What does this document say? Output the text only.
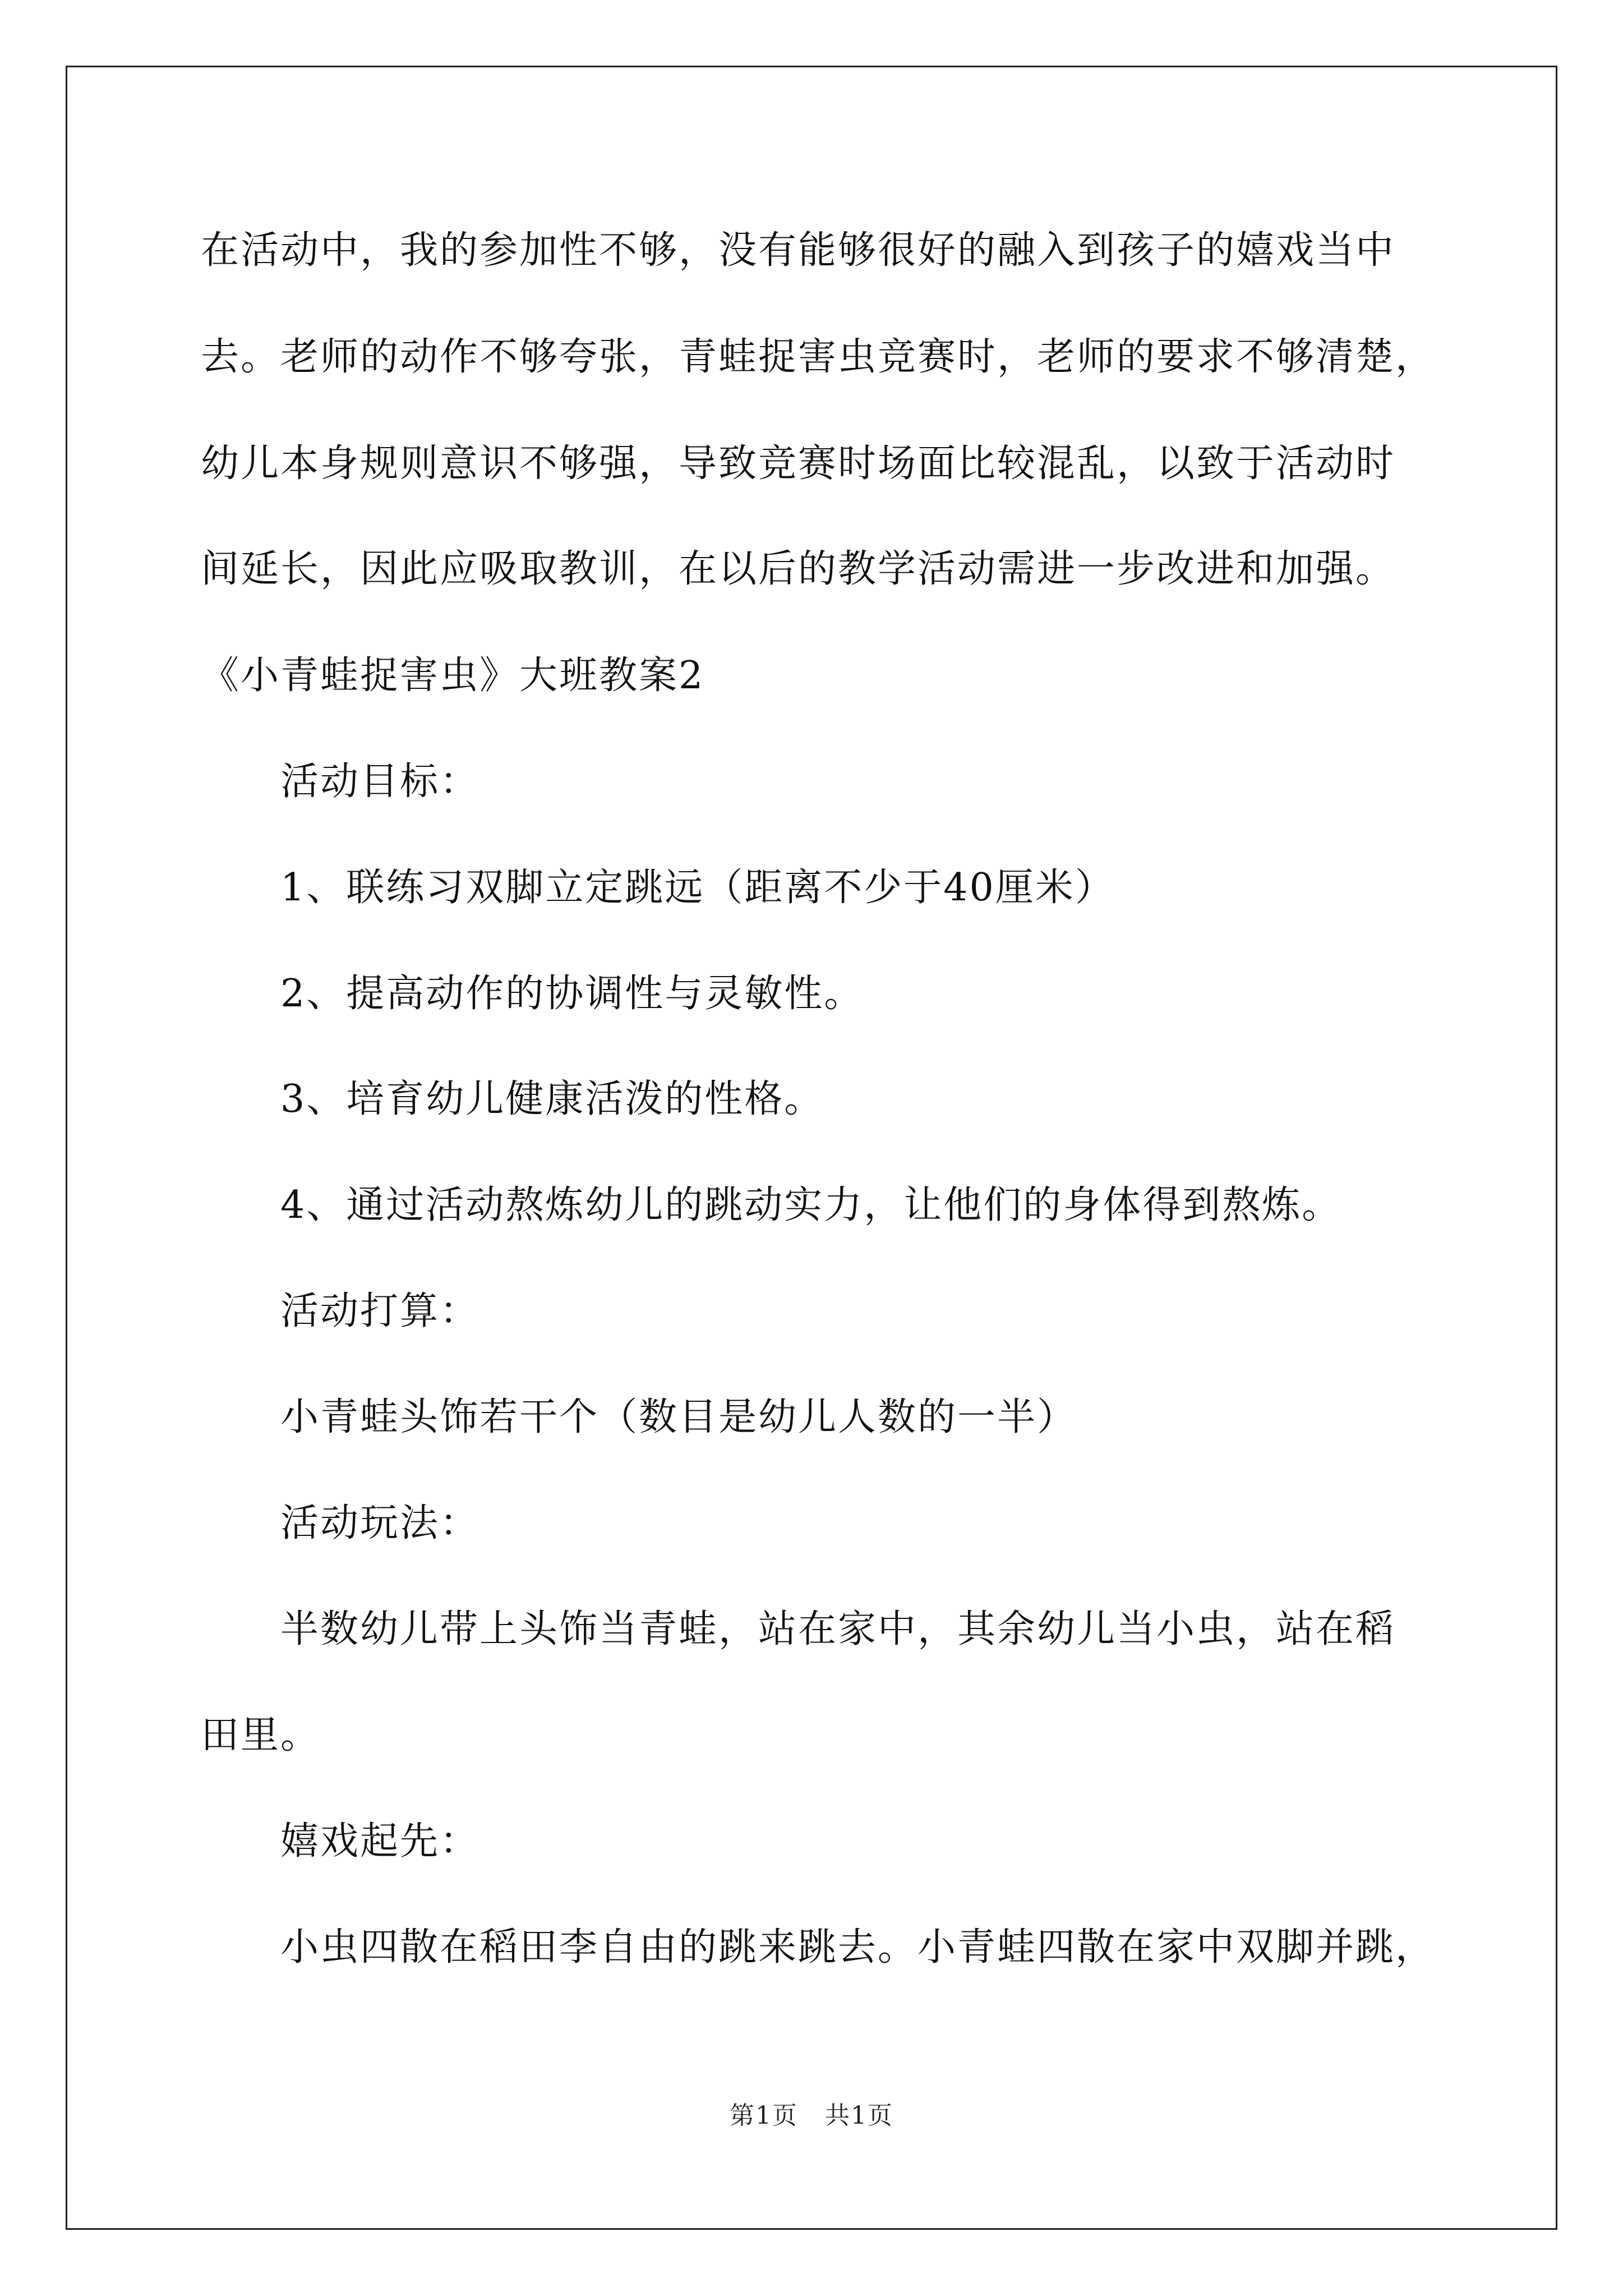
在活动中，我的参加性不够，没有能够很好的融入到孩子的嬉戏当中
去。老师的动作不够夸张，青蛙捉害虫竞赛时，老师的要求不够清楚，
幼儿本身规则意识不够强，导致竞赛时场面比较混乱，以致于活动时
间延长，因此应吸取教训，在以后的教学活动需进一步改进和加强。
《小青蛙捉害虫》大班教案2
活动目标：
1、联练习双脚立定跳远（距离不少于40厘米）
2、提高动作的协调性与灵敏性。
3、培育幼儿健康活泼的性格。
4、通过活动熬炼幼儿的跳动实力，让他们的身体得到熬炼。
活动打算：
小青蛙头饰若干个（数目是幼儿人数的一半）
活动玩法：
半数幼儿带上头饰当青蛙，站在家中，其余幼儿当小虫，站在稻
田里。
嬉戏起先：
小虫四散在稻田李自由的跳来跳去。小青蛙四散在家中双脚并跳，
第1页 共1页
